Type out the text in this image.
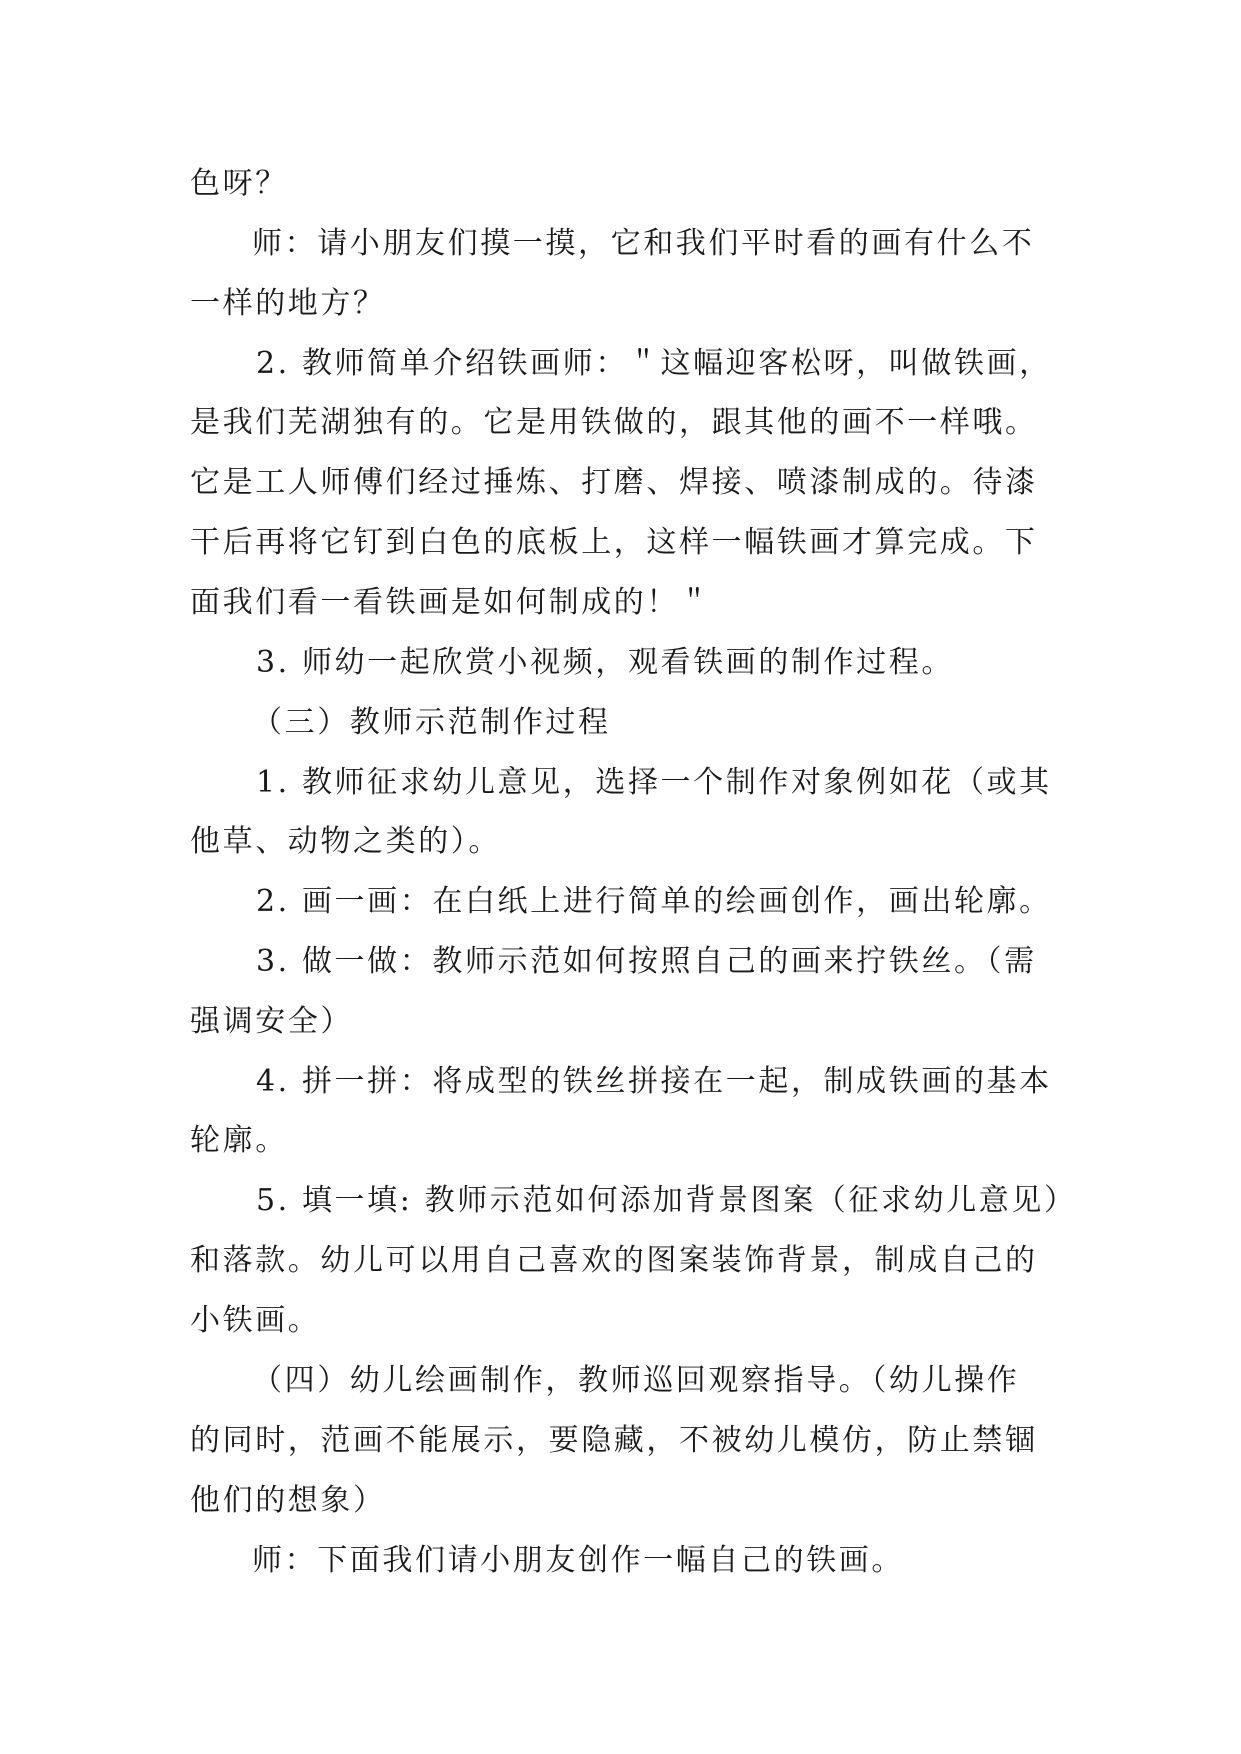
色呀？
师：请小朋友们摸一摸，它和我们平时看的画有什么不
一样的地方？
2. 教师简单介绍铁画师：＂这幅迎客松呀，叫做铁画，
是我们芜湖独有的。它是用铁做的，跟其他的画不一样哦。
它是工人师傅们经过捶炼、打磨、焊接、喷漆制成的。待漆
干后再将它钉到白色的底板上，这样一幅铁画才算完成。下
面我们看一看铁画是如何制成的！＂
3. 师幼一起欣赏小视频，观看铁画的制作过程。
（三）教师示范制作过程
1. 教师征求幼儿意见，选择一个制作对象例如花（或其
他草、动物之类的）。
2. 画一画：在白纸上进行简单的绘画创作，画出轮廓。
3. 做一做：教师示范如何按照自己的画来拧铁丝。（需
强调安全）
4. 拼一拼：将成型的铁丝拼接在一起，制成铁画的基本
轮廓。
5. 填一填: 教师示范如何添加背景图案（征求幼儿意见）
和落款。幼儿可以用自己喜欢的图案装饰背景，制成自己的
小铁画。
（四）幼儿绘画制作，教师巡回观察指导。（幼儿操作
的同时，范画不能展示，要隐藏，不被幼儿模仿，防止禁锢
他们的想象）
师：下面我们请小朋友创作一幅自己的铁画。
